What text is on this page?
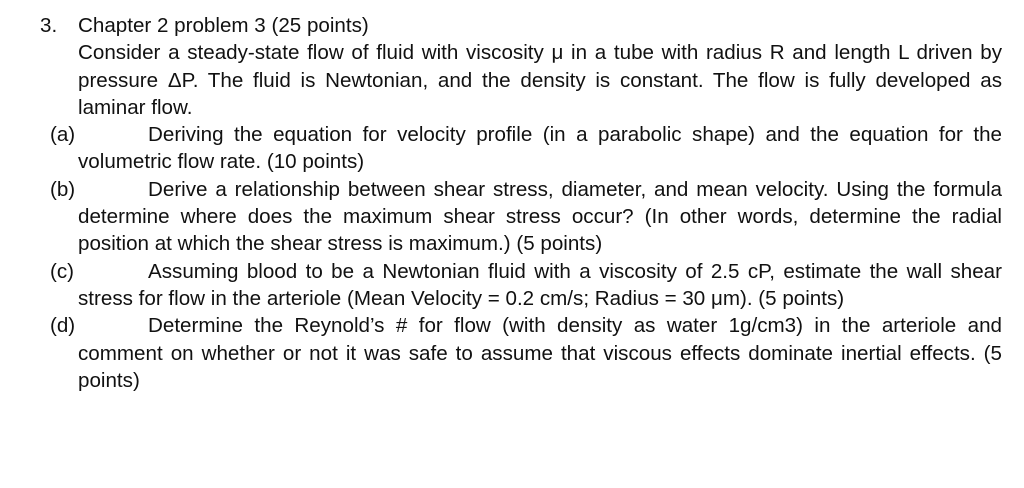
3.	Chapter 2 problem 3 (25 points)
Consider a steady-state flow of fluid with viscosity μ in a tube with radius R and length L driven by pressure ΔP. The fluid is Newtonian, and the density is constant. The flow is fully developed as laminar flow.
(a)	Deriving the equation for velocity profile (in a parabolic shape) and the equation for the volumetric flow rate. (10 points)
(b)	Derive a relationship between shear stress, diameter, and mean velocity. Using the formula determine where does the maximum shear stress occur? (In other words, determine the radial position at which the shear stress is maximum.) (5 points)
(c)	Assuming blood to be a Newtonian fluid with a viscosity of 2.5 cP, estimate the wall shear stress for flow in the arteriole (Mean Velocity = 0.2 cm/s; Radius = 30 μm). (5 points)
(d)	Determine the Reynold’s # for flow (with density as water 1g/cm3) in the arteriole and comment on whether or not it was safe to assume that viscous effects dominate inertial effects. (5 points)
